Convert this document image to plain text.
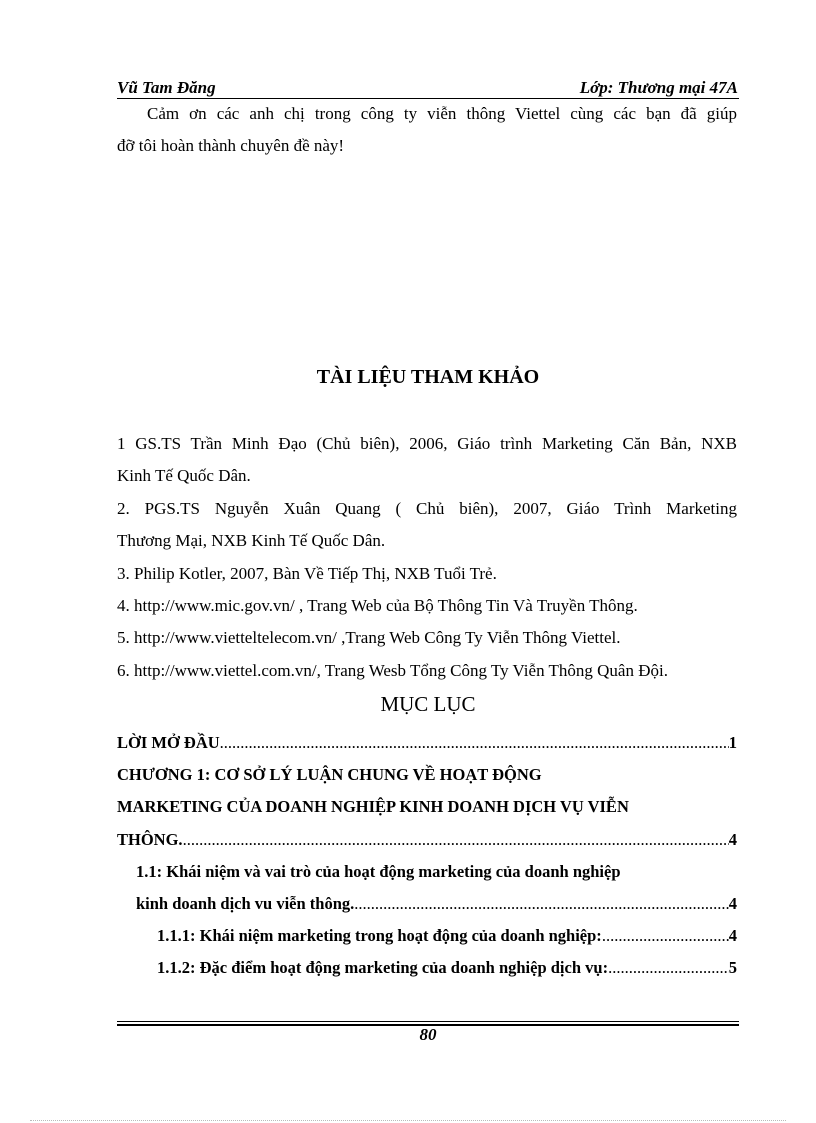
Vũ Tam Đăng	Lớp: Thương mại 47A
Cảm ơn các anh chị trong công ty viễn thông Viettel cùng các bạn đã giúp
đỡ tôi hoàn thành chuyên đề này!
TÀI LIỆU THAM KHẢO
1 GS.TS Trần Minh Đạo (Chủ biên), 2006, Giáo trình Marketing Căn Bản, NXB
Kinh Tế Quốc Dân.
2. PGS.TS Nguyễn Xuân Quang ( Chủ biên), 2007, Giáo Trình Marketing
Thương Mại, NXB Kinh Tế Quốc Dân.
3. Philip Kotler, 2007, Bàn Về Tiếp Thị, NXB Tuổi Trẻ.
4. http://www.mic.gov.vn/ , Trang Web của Bộ Thông Tin Và Truyền Thông.
5. http://www.vietteltelecom.vn/ ,Trang Web Công Ty Viễn Thông Viettel.
6. http://www.viettel.com.vn/, Trang Wesb Tổng Công Ty Viễn Thông Quân Đội.
MỤC LỤC
LỜI MỞ ĐẦU .....	1
CHƯƠNG 1: CƠ SỞ LÝ LUẬN CHUNG VỀ HOẠT ĐỘNG
MARKETING CỦA DOANH NGHIỆP KINH DOANH DỊCH VỤ VIỄN
THÔNG. .....	4
1.1: Khái niệm và vai trò của hoạt động marketing của doanh nghiệp
kinh doanh dịch vu viễn thông. .....	4
1.1.1: Khái niệm marketing trong hoạt động của doanh nghiệp: .....	4
1.1.2: Đặc điểm hoạt động marketing của doanh nghiệp dịch vụ: .....	5
80
